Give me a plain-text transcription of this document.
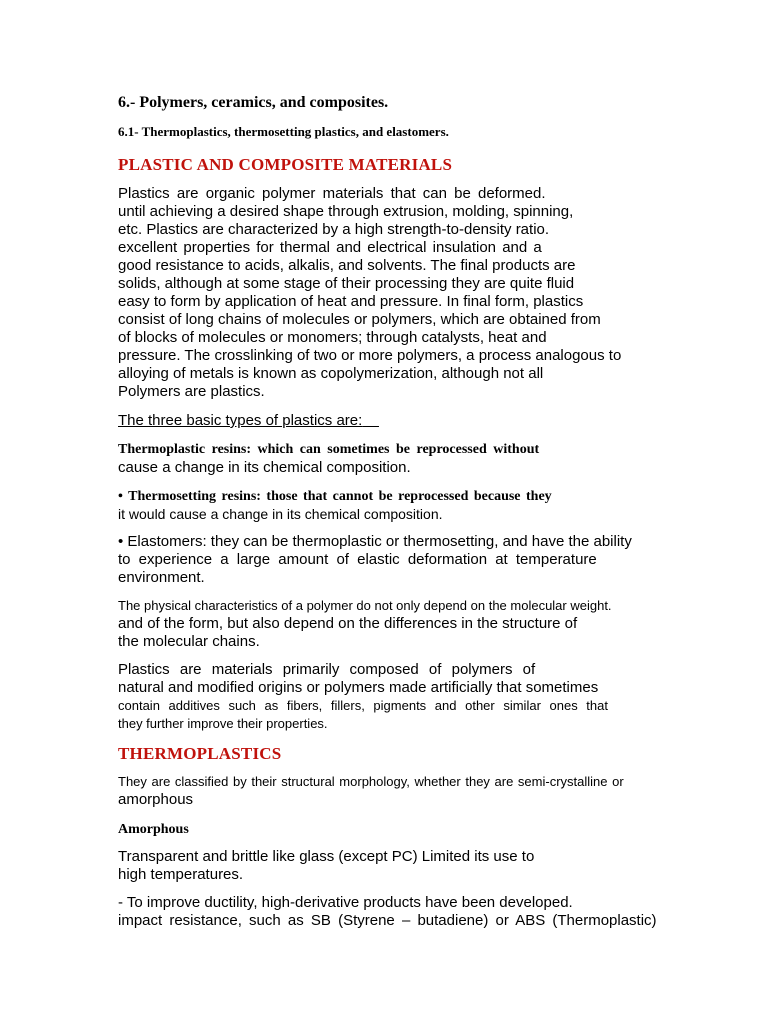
6.- Polymers, ceramics, and composites.
6.1- Thermoplastics, thermosetting plastics, and elastomers.
PLASTIC AND COMPOSITE MATERIALS
Plastics are organic polymer materials that can be deformed.
until achieving a desired shape through extrusion, molding, spinning,
etc. Plastics are characterized by a high strength-to-density ratio.
excellent properties for thermal and electrical insulation and a
good resistance to acids, alkalis, and solvents. The final products are
solids, although at some stage of their processing they are quite fluid
easy to form by application of heat and pressure. In final form, plastics
consist of long chains of molecules or polymers, which are obtained from
of blocks of molecules or monomers; through catalysts, heat and
pressure. The crosslinking of two or more polymers, a process analogous to
alloying of metals is known as copolymerization, although not all
Polymers are plastics.
The three basic types of plastics are:
Thermoplastic resins: which can sometimes be reprocessed without
cause a change in its chemical composition.
• Thermosetting resins: those that cannot be reprocessed because they
it would cause a change in its chemical composition.
• Elastomers: they can be thermoplastic or thermosetting, and have the ability
to experience a large amount of elastic deformation at temperature
environment.
The physical characteristics of a polymer do not only depend on the molecular weight.
and of the form, but also depend on the differences in the structure of
the molecular chains.
Plastics are materials primarily composed of polymers of
natural and modified origins or polymers made artificially that sometimes
contain additives such as fibers, fillers, pigments and other similar ones that
they further improve their properties.
THERMOPLASTICS
They are classified by their structural morphology, whether they are semi-crystalline or
amorphous
Amorphous
Transparent and brittle like glass (except PC) Limited its use to
high temperatures.
- To improve ductility, high-derivative products have been developed.
impact resistance, such as SB (Styrene – butadiene) or ABS (Thermoplastic)
